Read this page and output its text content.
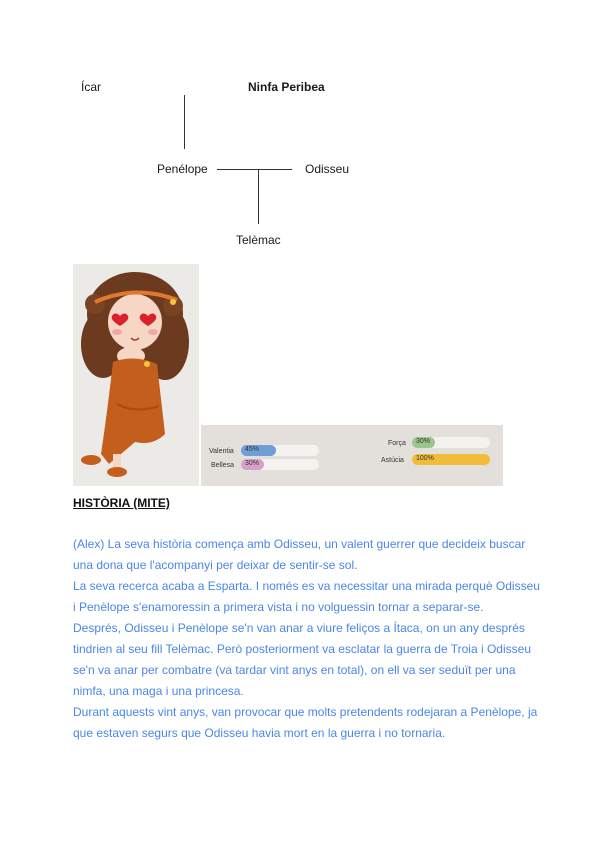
Ícar	Ninfa Peribea
Penélope	Odisseu
Telèmac
Valentia 45%
Bellesa 30%
Força 30%
Astúcia 100%
HISTÒRIA (MITE)

(Alex) La seva història comença amb Odisseu, un valent guerrer que decideix buscar una dona que l'acompanyi per deixar de sentir-se sol.

La seva recerca acaba a Esparta. I només es va necessitar una mirada perquè Odisseu i Penèlope s'enamoressin a primera vista i no volguessin tornar a separar-se.

Després, Odisseu i Penèlope se'n van anar a viure feliços a Ítaca, on un any després tindrien al seu fill Telèmac. Però posteriorment va esclatar la guerra de Troia i Odisseu se'n va anar per combatre (va tardar vint anys en total), on ell va ser seduït per una nimfa, una maga i una princesa.

Durant aquests vint anys, van provocar que molts pretendents rodejaran a Penèlope, ja que estaven segurs que Odisseu havia mort en la guerra i no tornaria.
